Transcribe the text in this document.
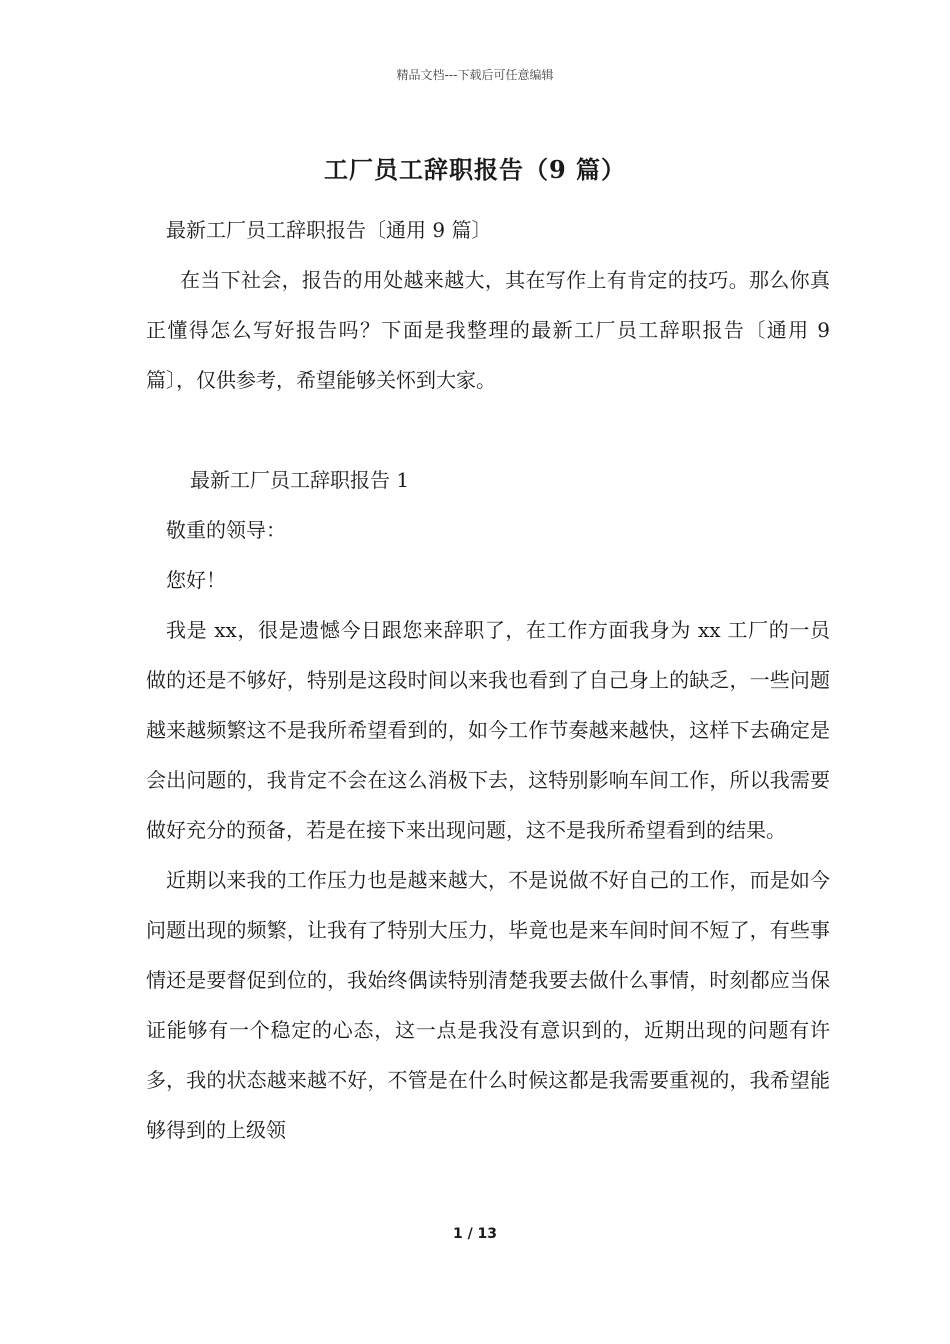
精品文档---下载后可任意编辑
工厂员工辞职报告（9 篇）

最新工厂员工辞职报告〔通用 9 篇〕

在当下社会，报告的用处越来越大，其在写作上有肯定的技巧。那么你真正懂得怎么写好报告吗？下面是我整理的最新工厂员工辞职报告〔通用 9 篇〕，仅供参考，希望能够关怀到大家。

最新工厂员工辞职报告 1

敬重的领导：

您好！

我是 xx，很是遗憾今日跟您来辞职了，在工作方面我身为 xx 工厂的一员做的还是不够好，特别是这段时间以来我也看到了自己身上的缺乏，一些问题越来越频繁这不是我所希望看到的，如今工作节奏越来越快，这样下去确定是会出问题的，我肯定不会在这么消极下去，这特别影响车间工作，所以我需要做好充分的预备，若是在接下来出现问题，这不是我所希望看到的结果。

近期以来我的工作压力也是越来越大，不是说做不好自己的工作，而是如今问题出现的频繁，让我有了特别大压力，毕竟也是来车间时间不短了，有些事情还是要督促到位的，我始终偶读特别清楚我要去做什么事情，时刻都应当保证能够有一个稳定的心态，这一点是我没有意识到的，近期出现的问题有许多，我的状态越来越不好，不管是在什么时候这都是我需要重视的，我希望能够得到的上级领

1 / 13
